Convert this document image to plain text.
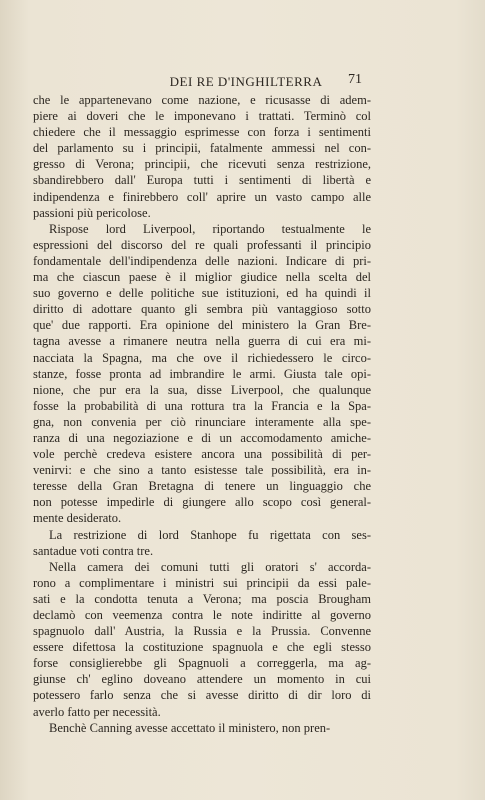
DEI RE D'INGHILTERRA	71
che le appartenevano come nazione, e ricusasse di adem-
piere ai doveri che le imponevano i trattati. Terminò col
chiedere che il messaggio esprimesse con forza i sentimenti
del parlamento su i principii, fatalmente ammessi nel con-
gresso di Verona; principii, che ricevuti senza restrizione,
sbandirebbero dall' Europa tutti i sentimenti di libertà e
indipendenza e finirebbero coll' aprire un vasto campo alle
passioni più pericolose.
Rispose lord Liverpool, riportando testualmente le
espressioni del discorso del re quali professanti il principio
fondamentale dell'indipendenza delle nazioni. Indicare di pri-
ma che ciascun paese è il miglior giudice nella scelta del
suo governo e delle politiche sue istituzioni, ed ha quindi il
diritto di adottare quanto gli sembra più vantaggioso sotto
que' due rapporti. Era opinione del ministero la Gran Bre-
tagna avesse a rimanere neutra nella guerra di cui era mi-
nacciata la Spagna, ma che ove il richiedessero le circo-
stanze, fosse pronta ad imbrandire le armi. Giusta tale opi-
nione, che pur era la sua, disse Liverpool, che qualunque
fosse la probabilità di una rottura tra la Francia e la Spa-
gna, non convenia per ciò rinunciare interamente alla spe-
ranza di una negoziazione e di un accomodamento amiche-
vole perchè credeva esistere ancora una possibilità di per-
venirvi: e che sino a tanto esistesse tale possibilità, era in-
teresse della Gran Bretagna di tenere un linguaggio che
non potesse impedirle di giungere allo scopo così general-
mente desiderato.
La restrizione di lord Stanhope fu rigettata con ses-
santadue voti contra tre.
Nella camera dei comuni tutti gli oratori s' accorda-
rono a complimentare i ministri sui principii da essi pale-
sati e la condotta tenuta a Verona; ma poscia Brougham
declamò con veemenza contra le note indiritte al governo
spagnuolo dall' Austria, la Russia e la Prussia. Convenne
essere difettosa la costituzione spagnuola e che egli stesso
forse consiglierebbe gli Spagnuoli a correggerla, ma ag-
giunse ch' eglino doveano attendere un momento in cui
potessero farlo senza che si avesse diritto di dir loro di
averlo fatto per necessità.
Benchè Canning avesse accettato il ministero, non pren-
